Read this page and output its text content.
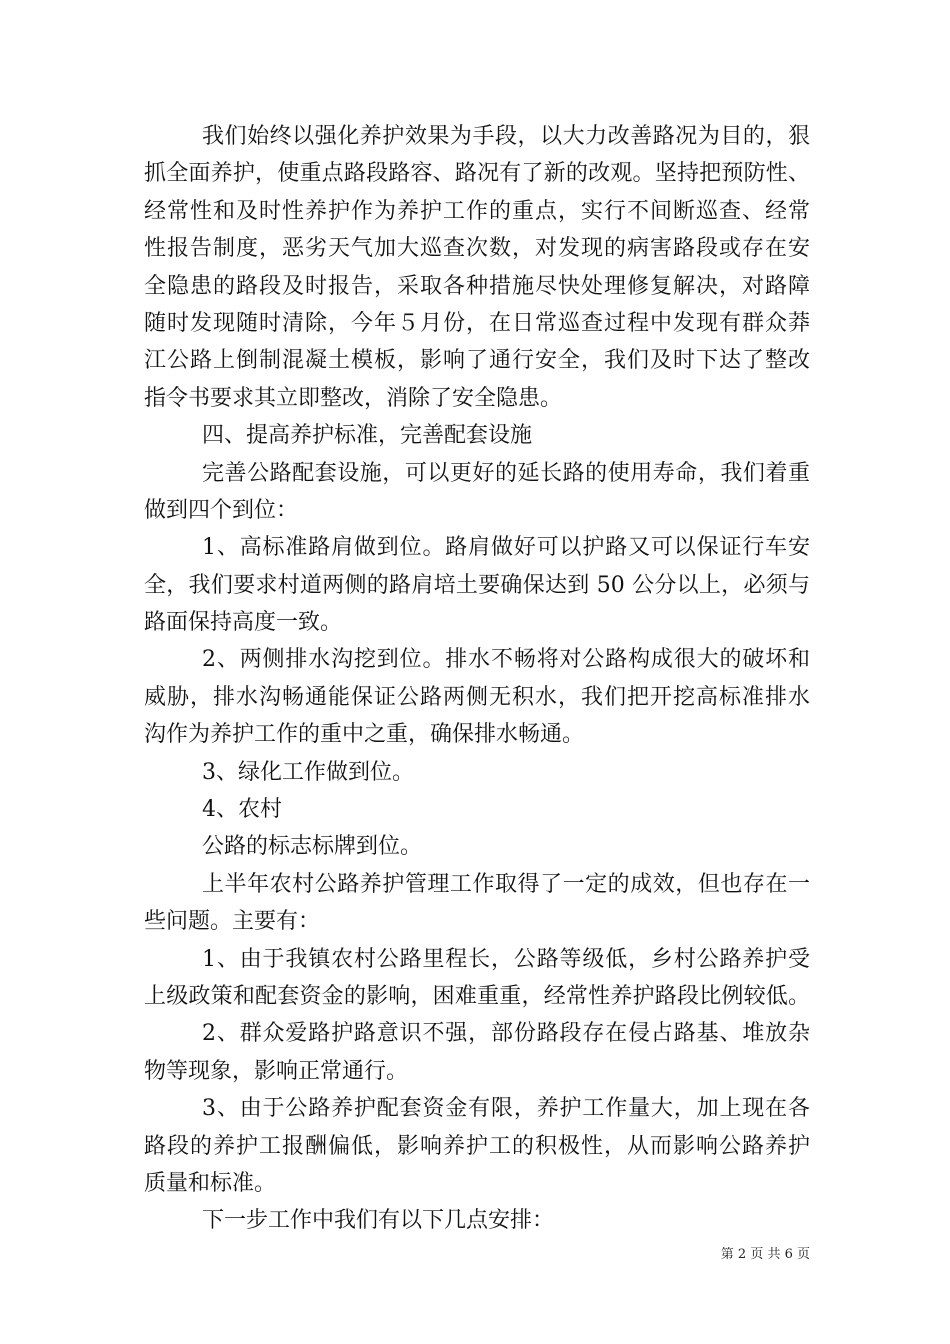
我们始终以强化养护效果为手段，以大力改善路况为目的，狠
抓全面养护，使重点路段路容、路况有了新的改观。坚持把预防性、
经常性和及时性养护作为养护工作的重点，实行不间断巡查、经常
性报告制度，恶劣天气加大巡查次数，对发现的病害路段或存在安
全隐患的路段及时报告，采取各种措施尽快处理修复解决，对路障
随时发现随时清除，今年５月份，在日常巡查过程中发现有群众莽
江公路上倒制混凝土模板，影响了通行安全，我们及时下达了整改
指令书要求其立即整改，消除了安全隐患。
四、提高养护标准，完善配套设施
完善公路配套设施，可以更好的延长路的使用寿命，我们着重
做到四个到位：
1、高标准路肩做到位。路肩做好可以护路又可以保证行车安
全，我们要求村道两侧的路肩培土要确保达到 50 公分以上，必须与
路面保持高度一致。
2、两侧排水沟挖到位。排水不畅将对公路构成很大的破坏和
威胁，排水沟畅通能保证公路两侧无积水，我们把开挖高标准排水
沟作为养护工作的重中之重，确保排水畅通。
3、绿化工作做到位。
4、农村
公路的标志标牌到位。
上半年农村公路养护管理工作取得了一定的成效，但也存在一
些问题。主要有：
1、由于我镇农村公路里程长，公路等级低，乡村公路养护受
上级政策和配套资金的影响，困难重重，经常性养护路段比例较低。
2、群众爱路护路意识不强，部份路段存在侵占路基、堆放杂
物等现象，影响正常通行。
3、由于公路养护配套资金有限，养护工作量大，加上现在各
路段的养护工报酬偏低，影响养护工的积极性，从而影响公路养护
质量和标准。
下一步工作中我们有以下几点安排：
第 2 页 共 6 页
